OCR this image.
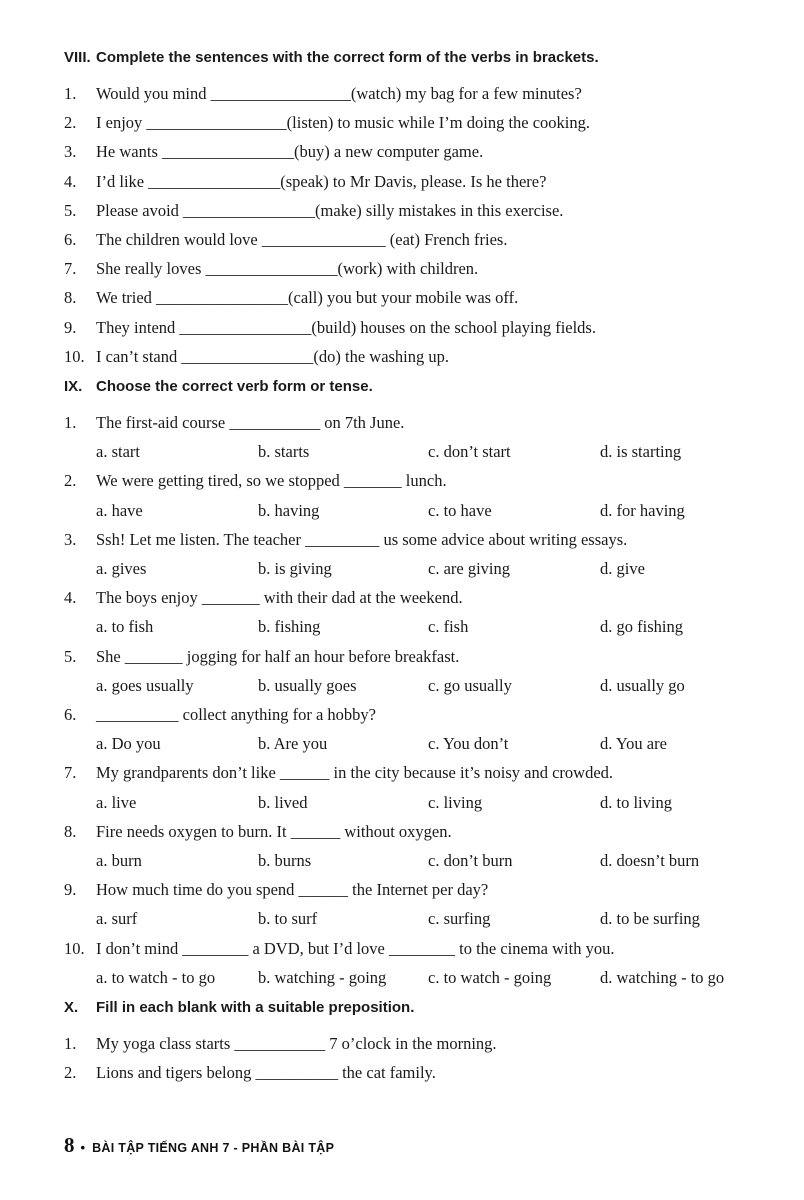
VIII. Complete the sentences with the correct form of the verbs in brackets.
1.	Would you mind _________________(watch) my bag for a few minutes?
2.	I enjoy _________________(listen) to music while I’m doing the cooking.
3.	He wants ________________(buy) a new computer game.
4.	I’d like ________________(speak) to Mr Davis, please. Is he there?
5.	Please avoid ________________(make) silly mistakes in this exercise.
6.	The children would love _______________ (eat) French fries.
7.	She really loves ________________(work) with children.
8.	We tried ________________(call) you but your mobile was off.
9.	They intend ________________(build) houses on the school playing fields.
10. I can’t stand ________________(do) the washing up.
IX. Choose the correct verb form or tense.
1.	The first-aid course ___________ on 7th June.
a. start	b. starts	c. don’t start	d. is starting
2.	We were getting tired, so we stopped _______ lunch.
a. have	b. having	c. to have	d. for having
3.	Ssh! Let me listen. The teacher _________ us some advice about writing essays.
a. gives	b. is giving	c. are giving	d. give
4.	The boys enjoy _______ with their dad at the weekend.
a. to fish	b. fishing	c. fish	d. go fishing
5.	She _______ jogging for half an hour before breakfast.
a. goes usually	b. usually goes	c. go usually	d. usually go
6.	__________ collect anything for a hobby?
a. Do you	b. Are you	c. You don’t	d. You are
7.	My grandparents don’t like ______ in the city because it’s noisy and crowded.
a. live	b. lived	c. living	d. to living
8.	Fire needs oxygen to burn. It ______ without oxygen.
a. burn	b. burns	c. don’t burn	d. doesn’t burn
9.	How much time do you spend ______ the Internet per day?
a. surf	b. to surf	c. surfing	d. to be surfing
10. I don’t mind ________ a DVD, but I’d love ________ to the cinema with you.
a. to watch - to go	b. watching - going	c. to watch - going	d. watching - to go
X.	Fill in each blank with a suitable preposition.
1.	My yoga class starts ___________ 7 o’clock in the morning.
2.	Lions and tigers belong __________ the cat family.
8 • BÀI TẬP TIẾNG ANH 7 - PHẦN BÀI TẬP
